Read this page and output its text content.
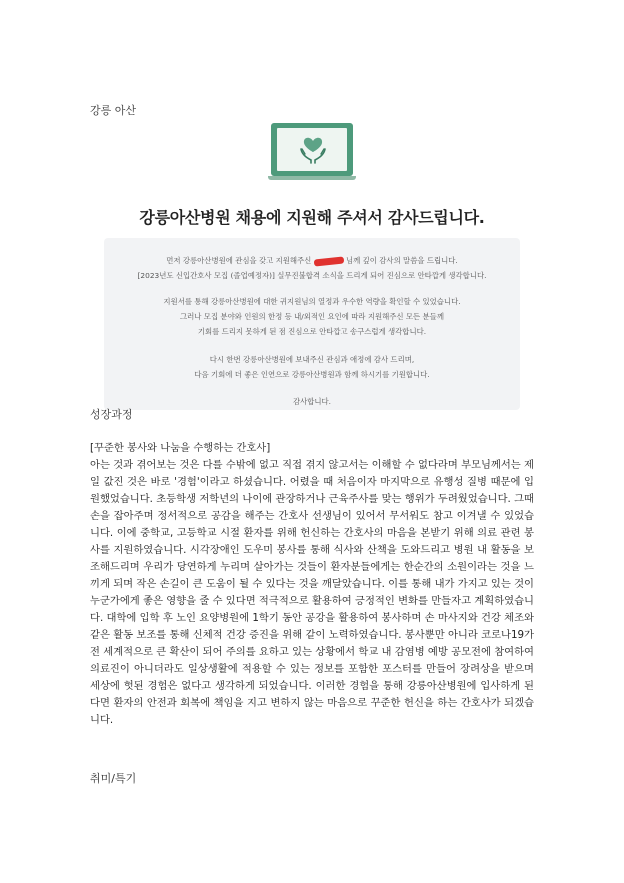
강릉 아산
강릉아산병원 채용에 지원해 주셔서 감사드립니다.
먼저 강릉아산병원에 관심을 갖고 지원해주신	님께 깊이 감사의 말씀을 드립니다.
[2023년도 신입간호사 모집 (졸업예정자)] 실무진불합격 소식을 드리게 되어 진심으로 안타깝게 생각합니다.
지원서를 통해 강릉아산병원에 대한 귀지원님의 열정과 우수한 역량을 확인할 수 있었습니다.
그러나 모집 분야와 인원의 한정 등 내/외적인 요인에 따라 지원해주신 모든 분들께
기회를 드리지 못하게 된 점 진심으로 안타깝고 송구스럽게 생각합니다.
다시 한번 강릉아산병원에 보내주신 관심과 애정에 감사 드리며,
다음 기회에 더 좋은 인연으로 강릉아산병원과 함께 하시기를 기원합니다.
감사합니다.
성장과정
[꾸준한 봉사와 나눔을 수행하는 간호사]
아는 것과 겪어보는 것은 다를 수밖에 없고 직접 겪지 않고서는 이해할 수 없다라며 부모님께서는 제일 값진 것은 바로 '경험'이라고 하셨습니다. 어렸을 때 처음이자 마지막으로 유행성 질병 때문에 입원했었습니다. 초등학생 저학년의 나이에 관장하거나 근육주사를 맞는 행위가 두려웠었습니다. 그때 손을 잡아주며 정서적으로 공감을 해주는 간호사 선생님이 있어서 무서워도 참고 이겨낼 수 있었습니다. 이에 중학교, 고등학교 시절 환자를 위해 헌신하는 간호사의 마음을 본받기 위해 의료 관련 봉사를 지원하였습니다. 시각장애인 도우미 봉사를 통해 식사와 산책을 도와드리고 병원 내 활동을 보조해드리며 우리가 당연하게 누리며 살아가는 것들이 환자분들에게는 한순간의 소원이라는 것을 느끼게 되며 작은 손길이 큰 도움이 될 수 있다는 것을 깨달았습니다. 이를 통해 내가 가지고 있는 것이 누군가에게 좋은 영향을 줄 수 있다면 적극적으로 활용하여 긍정적인 변화를 만들자고 계획하였습니다. 대학에 입학 후 노인 요양병원에 1학기 동안 공강을 활용하여 봉사하며 손 마사지와 건강 체조와 같은 활동 보조를 통해 신체적 건강 증진을 위해 같이 노력하였습니다. 봉사뿐만 아니라 코로나19가 전 세계적으로 큰 확산이 되어 주의를 요하고 있는 상황에서 학교 내 감염병 예방 공모전에 참여하여 의료진이 아니더라도 일상생활에 적용할 수 있는 정보를 포함한 포스터를 만들어 장려상을 받으며 세상에 헛된 경험은 없다고 생각하게 되었습니다. 이러한 경험을 통해 강릉아산병원에 입사하게 된다면 환자의 안전과 회복에 책임을 지고 변하지 않는 마음으로 꾸준한 헌신을 하는 간호사가 되겠습니다.
취미/특기
